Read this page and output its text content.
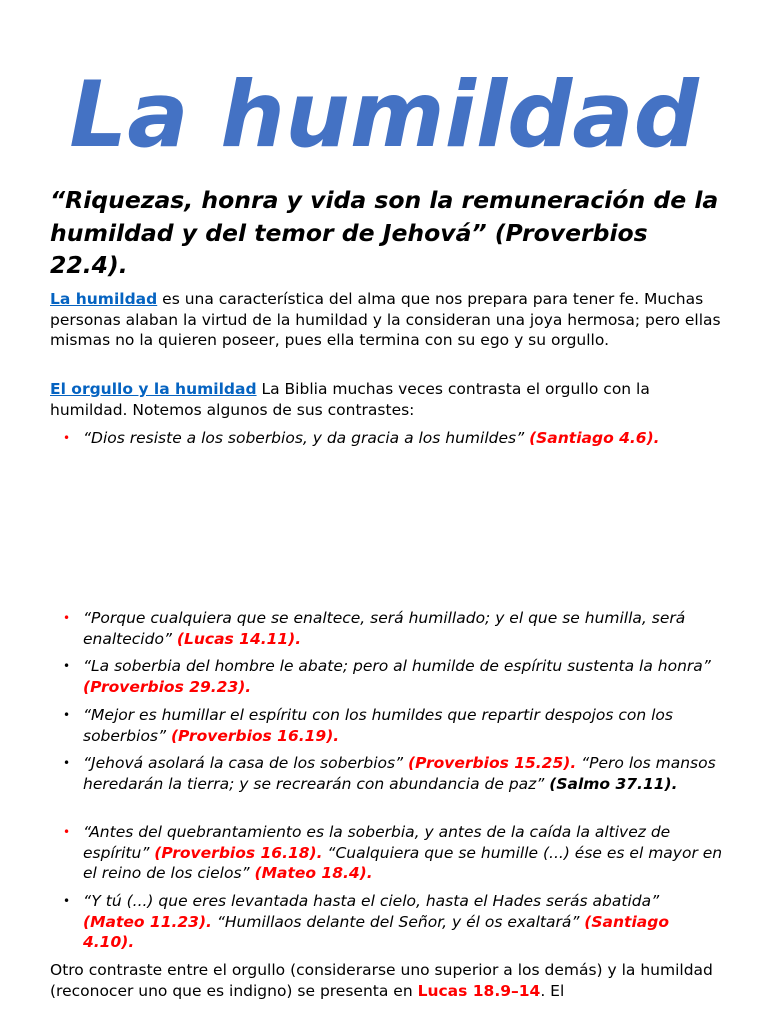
La humildad

“Riquezas, honra y vida son la remuneración de la humildad y del temor de Jehová” (Proverbios 22.4).

La humildad es una característica del alma que nos prepara para tener fe. Muchas personas alaban la virtud de la humildad y la consideran una joya hermosa; pero ellas mismas no la quieren poseer, pues ella termina con su ego y su orgullo.

El orgullo y la humildad La Biblia muchas veces contrasta el orgullo con la humildad. Notemos algunos de sus contrastes:

• “Dios resiste a los soberbios, y da gracia a los humildes” (Santiago 4.6).
• “Porque cualquiera que se enaltece, será humillado; y el que se humilla, será enaltecido” (Lucas 14.11).
• “La soberbia del hombre le abate; pero al humilde de espíritu sustenta la honra” (Proverbios 29.23).
• “Mejor es humillar el espíritu con los humildes que repartir despojos con los soberbios” (Proverbios 16.19).
• “Jehová asolará la casa de los soberbios” (Proverbios 15.25). “Pero los mansos heredarán la tierra; y se recrearán con abundancia de paz” (Salmo 37.11).
• “Antes del quebrantamiento es la soberbia, y antes de la caída la altivez de espíritu” (Proverbios 16.18). “Cualquiera que se humille (...) ése es el mayor en el reino de los cielos” (Mateo 18.4).
• “Y tú (...) que eres levantada hasta el cielo, hasta el Hades serás abatida” (Mateo 11.23). “Humillaos delante del Señor, y él os exaltará” (Santiago 4.10).

Otro contraste entre el orgullo (considerarse uno superior a los demás) y la humildad (reconocer uno que es indigno) se presenta en Lucas 18.9–14. El
